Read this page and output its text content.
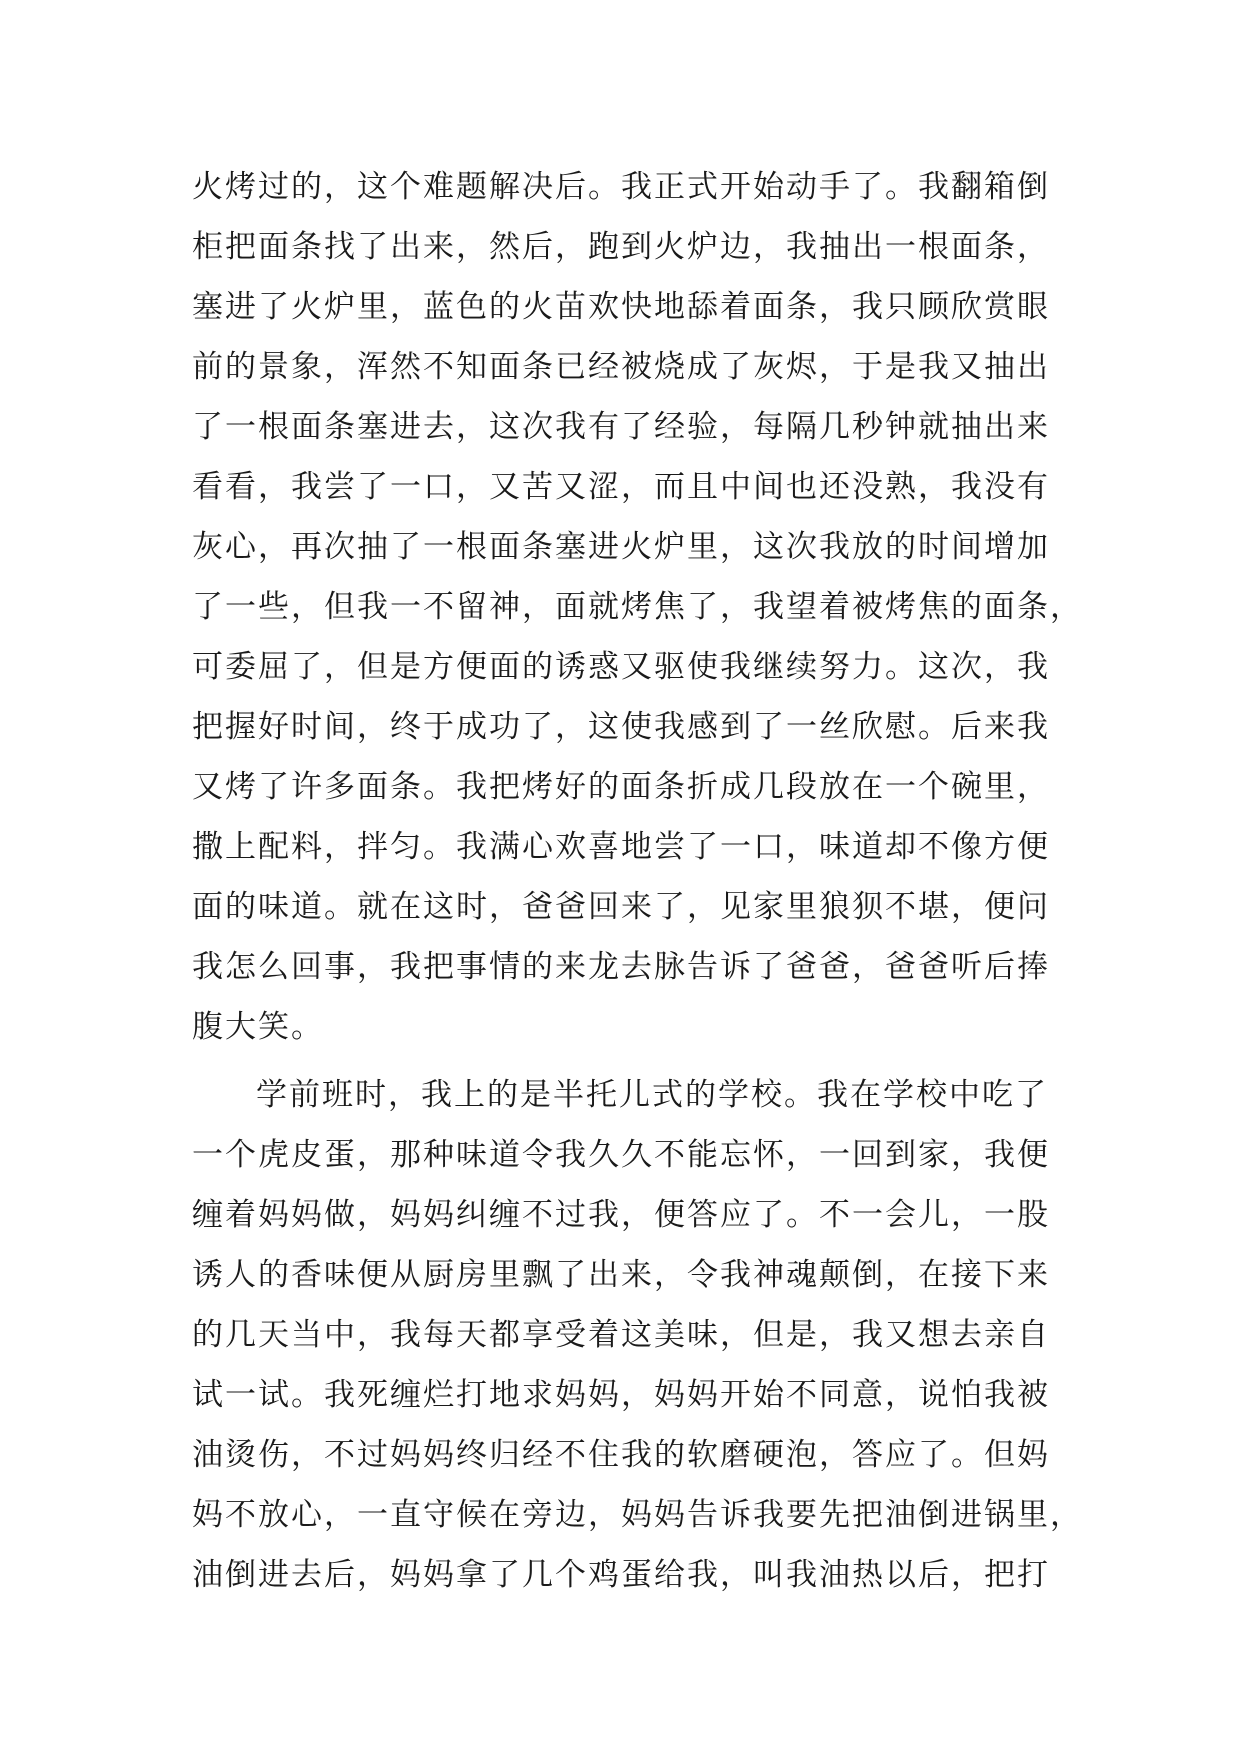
火烤过的，这个难题解决后。我正式开始动手了。我翻箱倒
柜把面条找了出来，然后，跑到火炉边，我抽出一根面条，
塞进了火炉里，蓝色的火苗欢快地舔着面条，我只顾欣赏眼
前的景象，浑然不知面条已经被烧成了灰烬，于是我又抽出
了一根面条塞进去，这次我有了经验，每隔几秒钟就抽出来
看看，我尝了一口，又苦又涩，而且中间也还没熟，我没有
灰心，再次抽了一根面条塞进火炉里，这次我放的时间增加
了一些，但我一不留神，面就烤焦了，我望着被烤焦的面条，
可委屈了，但是方便面的诱惑又驱使我继续努力。这次，我
把握好时间，终于成功了，这使我感到了一丝欣慰。后来我
又烤了许多面条。我把烤好的面条折成几段放在一个碗里，
撒上配料，拌匀。我满心欢喜地尝了一口，味道却不像方便
面的味道。就在这时，爸爸回来了，见家里狼狈不堪，便问
我怎么回事，我把事情的来龙去脉告诉了爸爸，爸爸听后捧
腹大笑。
学前班时，我上的是半托儿式的学校。我在学校中吃了
一个虎皮蛋，那种味道令我久久不能忘怀，一回到家，我便
缠着妈妈做，妈妈纠缠不过我，便答应了。不一会儿，一股
诱人的香味便从厨房里飘了出来，令我神魂颠倒，在接下来
的几天当中，我每天都享受着这美味，但是，我又想去亲自
试一试。我死缠烂打地求妈妈，妈妈开始不同意，说怕我被
油烫伤，不过妈妈终归经不住我的软磨硬泡，答应了。但妈
妈不放心，一直守候在旁边，妈妈告诉我要先把油倒进锅里，
油倒进去后，妈妈拿了几个鸡蛋给我，叫我油热以后，把打
